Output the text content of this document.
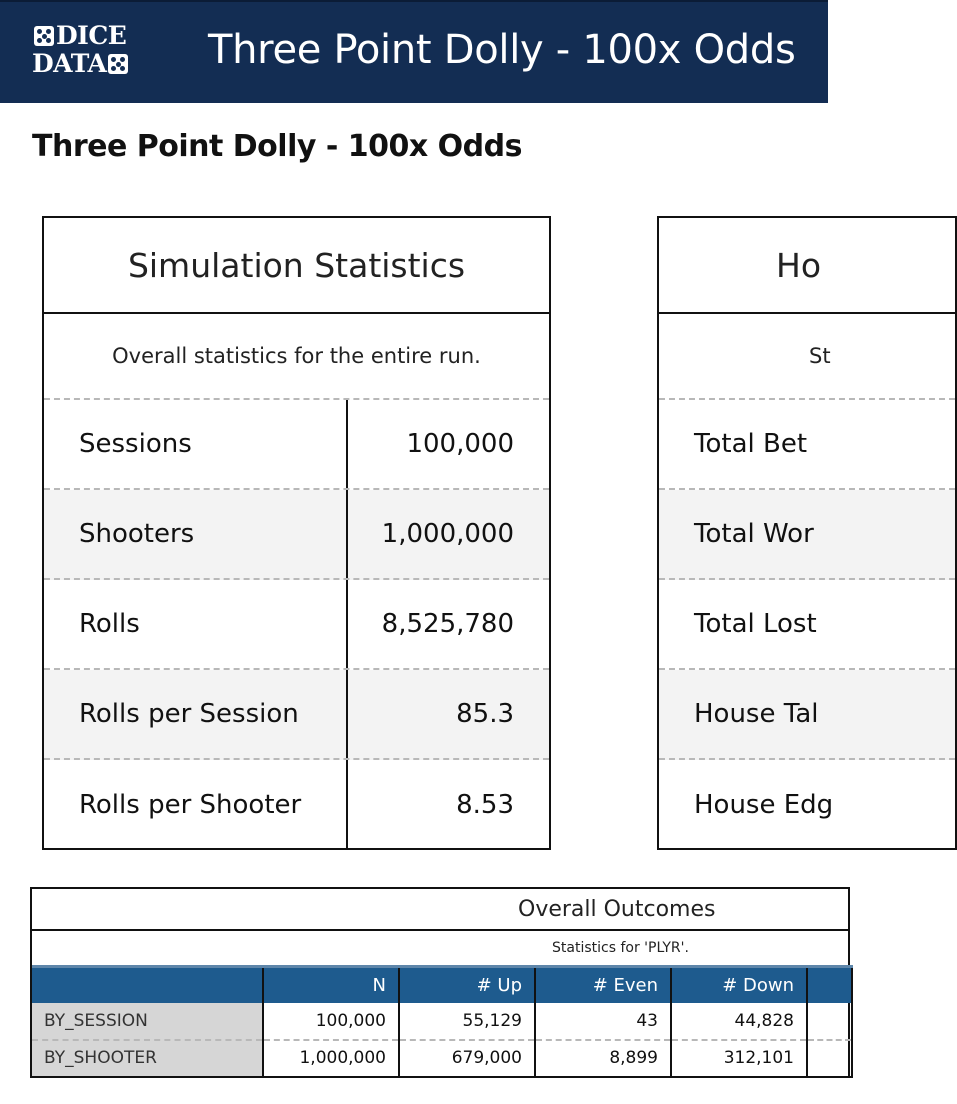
DICE
DATA	Three Point Dolly - 100x Odds
Three Point Dolly - 100x Odds
Simulation Statistics
Overall statistics for the entire run.
Sessions	100,000
Shooters	1,000,000
Rolls	8,525,780
Rolls per Session	85.3
Rolls per Shooter	8.53
Ho
St
Total Bet
Total Wor
Total Lost
House Tal
House Edg
Overall Outcomes
Statistics for 'PLYR'.
	N	# Up	# Even	# Down	
BY_SESSION	100,000	55,129	43	44,828	
BY_SHOOTER	1,000,000	679,000	8,899	312,101	
